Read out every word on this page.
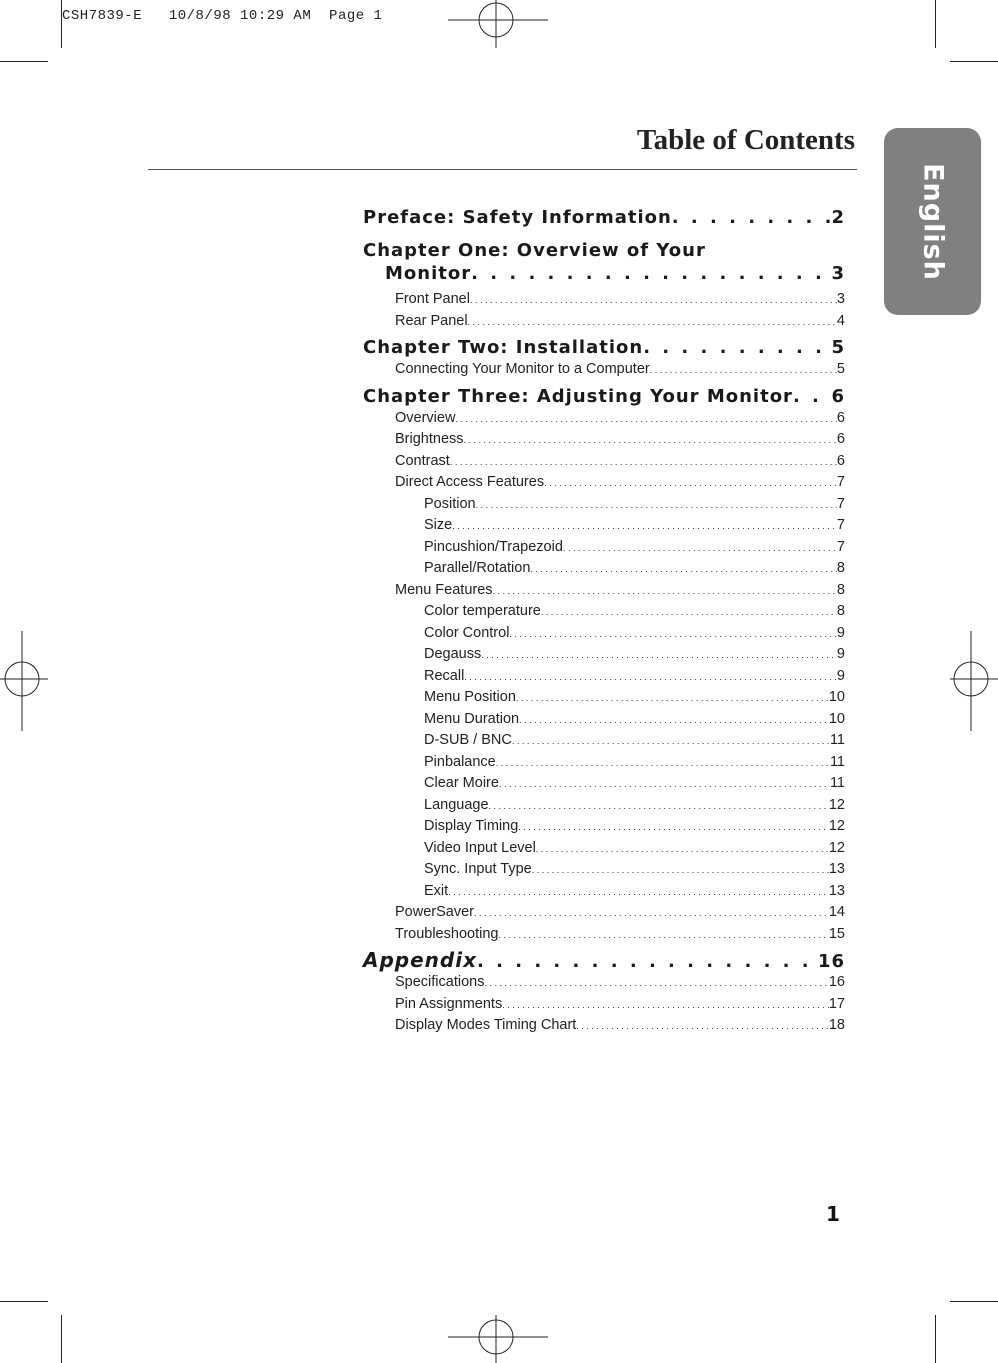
CSH7839-E   10/8/98 10:29 AM  Page 1
Table of Contents
English
Preface: Safety Information . . .	2
Chapter One: Overview of Your
Monitor . . .	3
Front Panel . . .	3
Rear Panel . . .	4
Chapter Two: Installation . . .	5
Connecting Your Monitor to a Computer . . .	5
Chapter Three: Adjusting Your Monitor . . . 6
Overview . . .	6
Brightness . . .	6
Contrast . . .	6
Direct Access Features . . .	7
Position . . .	7
Size . . .	7
Pincushion/Trapezoid . . .	7
Parallel/Rotation . . .	8
Menu Features . . .	8
Color temperature . . .	8
Color Control . . .	9
Degauss . . .	9
Recall . . .	9
Menu Position . . .	10
Menu Duration . . .	10
D-SUB / BNC . . .	11
Pinbalance . . .	11
Clear Moire . . .	11
Language . . .	12
Display Timing . . .	12
Video Input Level . . .	12
Sync. Input Type . . .	13
Exit . . .	13
PowerSaver . . .	14
Troubleshooting . . .	15
Appendix . . .	16
Specifications . . .	16
Pin Assignments . . .	17
Display Modes Timing Chart . . .	18
1
